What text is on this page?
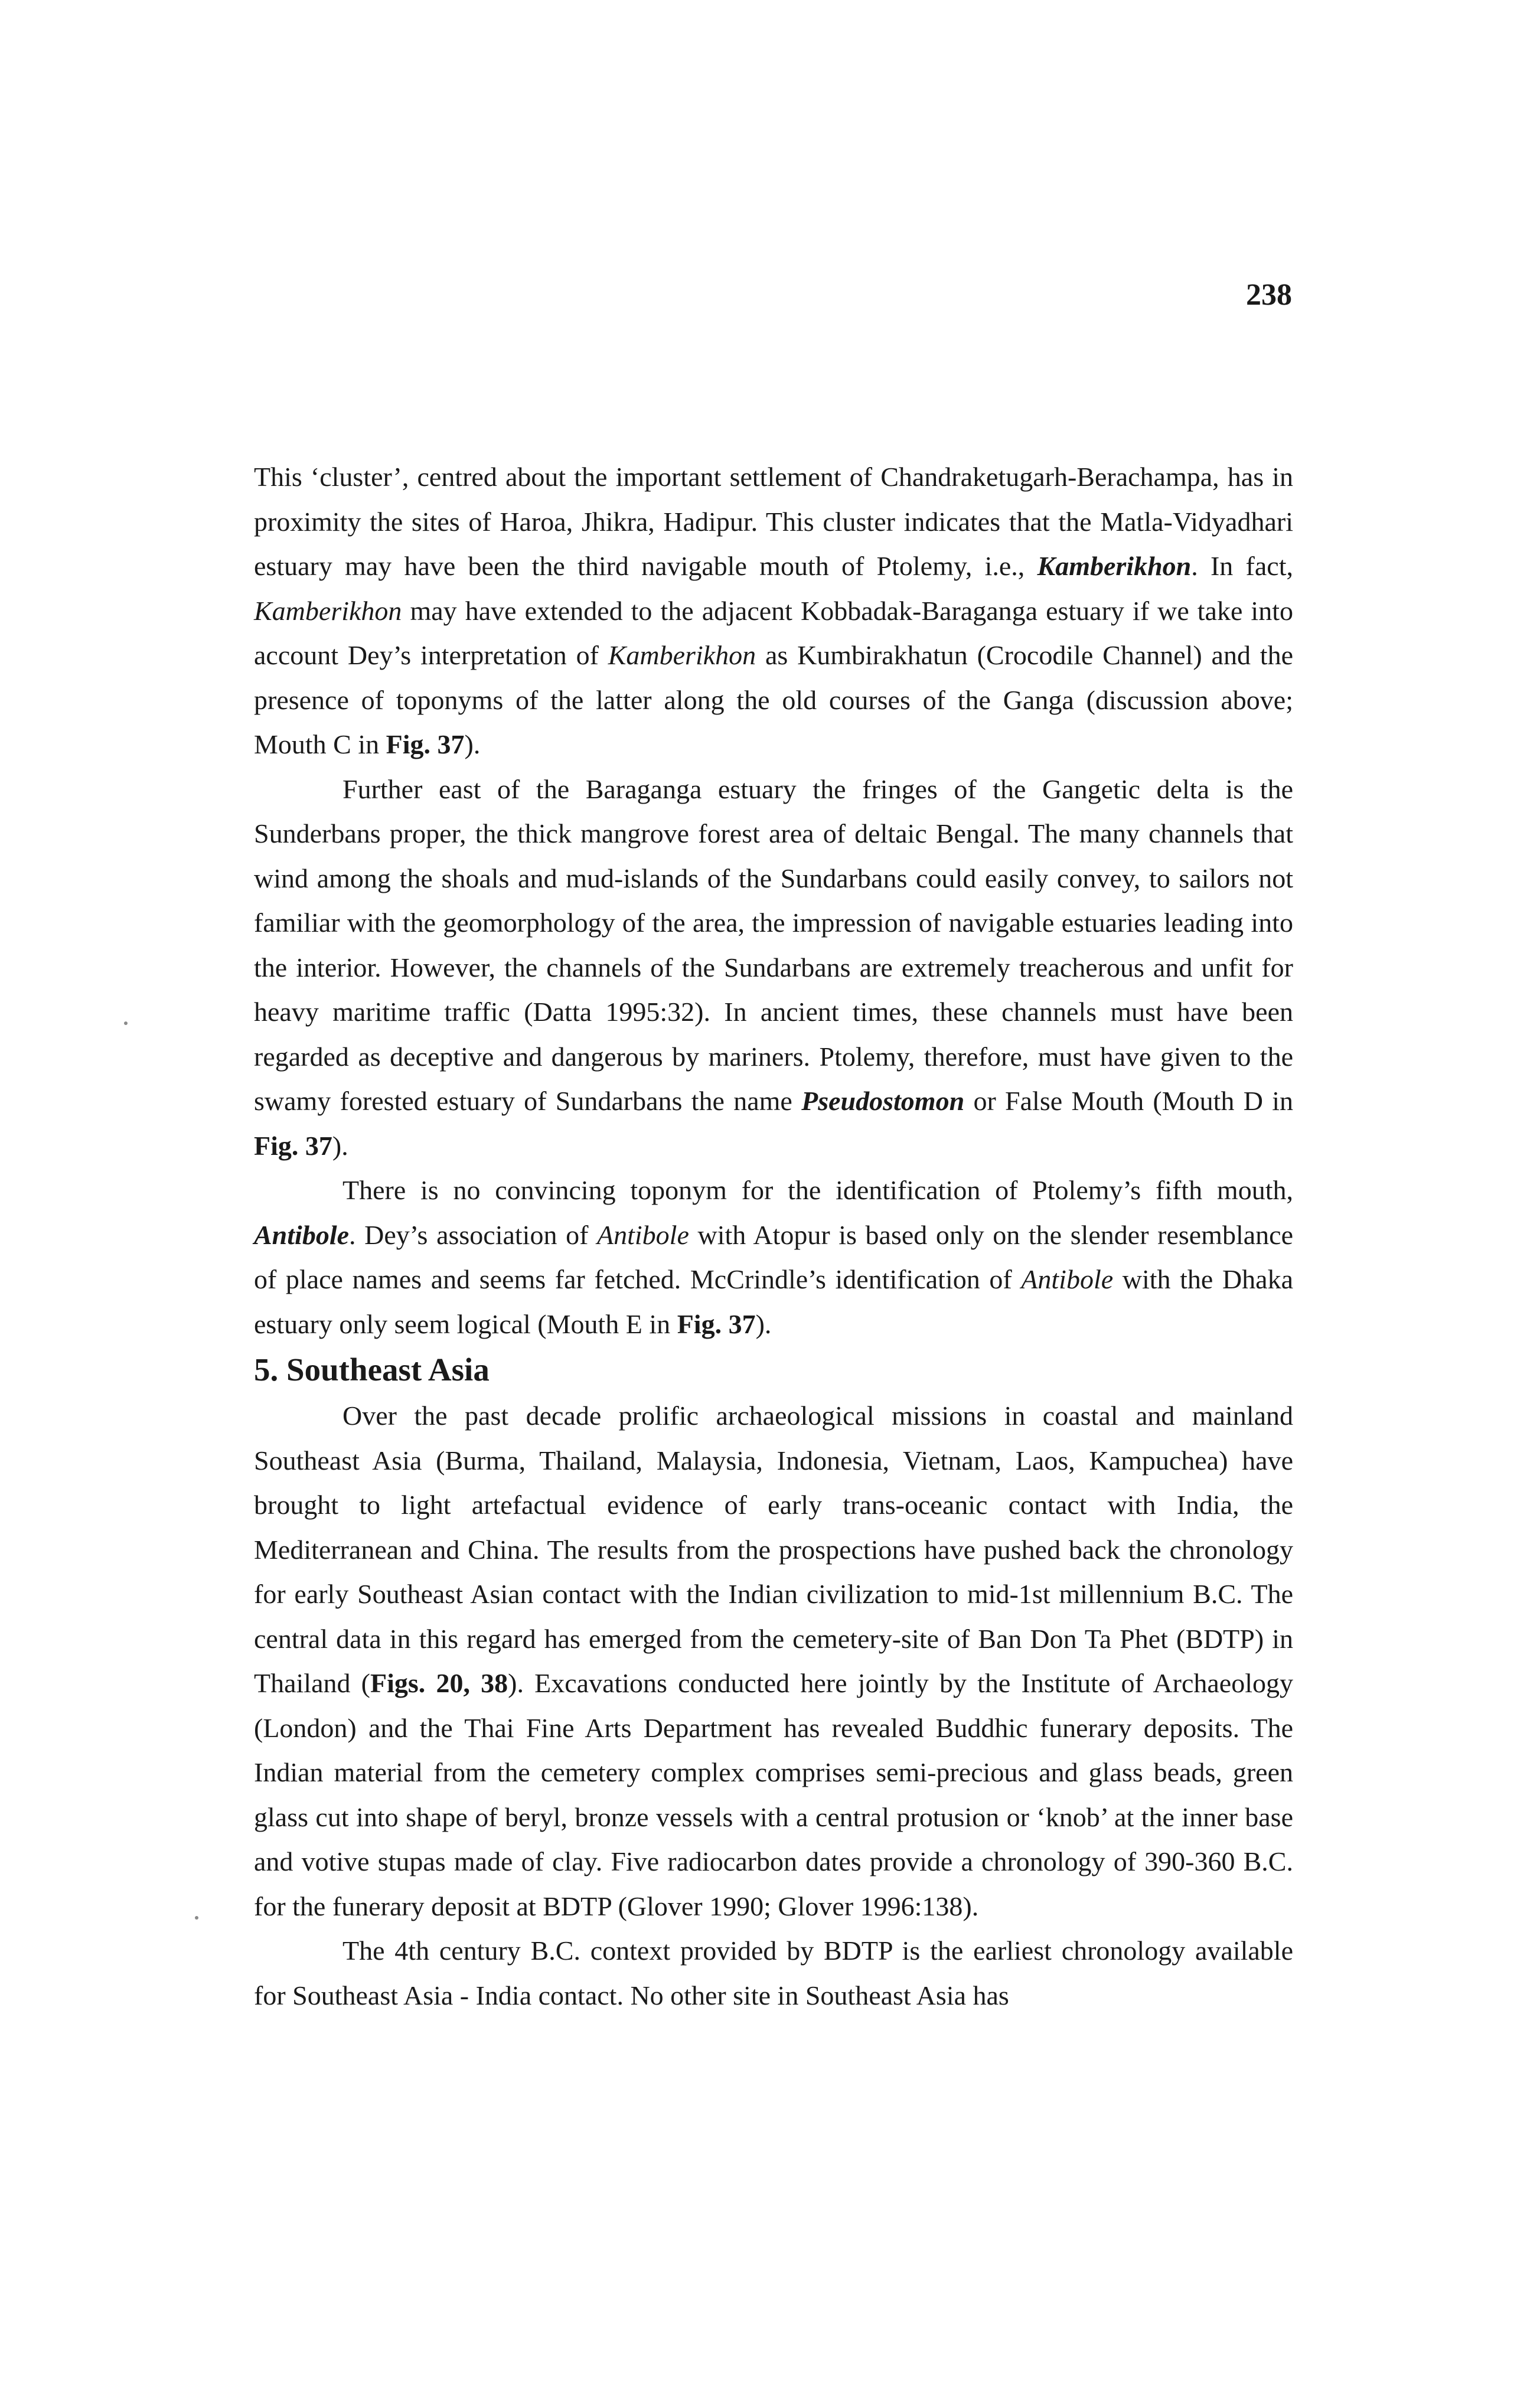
238

This ‘cluster’, centred about the important settlement of Chandraketugarh-Berachampa, has in proximity the sites of Haroa, Jhikra, Hadipur. This cluster indicates that the Matla-Vidyadhari estuary may have been the third navigable mouth of Ptolemy, i.e., Kamberikhon. In fact, Kamberikhon may have extended to the adjacent Kobbadak-Baraganga estuary if we take into account Dey’s interpretation of Kamberikhon as Kumbirakhatun (Crocodile Channel) and the presence of toponyms of the latter along the old courses of the Ganga (discussion above; Mouth C in Fig. 37).

Further east of the Baraganga estuary the fringes of the Gangetic delta is the Sunderbans proper, the thick mangrove forest area of deltaic Bengal. The many channels that wind among the shoals and mud-islands of the Sundarbans could easily convey, to sailors not familiar with the geomorphology of the area, the impression of navigable estuaries leading into the interior. However, the channels of the Sundarbans are extremely treacherous and unfit for heavy maritime traffic (Datta 1995:32). In ancient times, these channels must have been regarded as deceptive and dangerous by mariners. Ptolemy, therefore, must have given to the swamy forested estuary of Sundarbans the name Pseudostomon or False Mouth (Mouth D in Fig. 37).

There is no convincing toponym for the identification of Ptolemy’s fifth mouth, Antibole. Dey’s association of Antibole with Atopur is based only on the slender resemblance of place names and seems far fetched. McCrindle’s identification of Antibole with the Dhaka estuary only seem logical (Mouth E in Fig. 37).

5. Southeast Asia

Over the past decade prolific archaeological missions in coastal and mainland Southeast Asia (Burma, Thailand, Malaysia, Indonesia, Vietnam, Laos, Kampuchea) have brought to light artefactual evidence of early trans-oceanic contact with India, the Mediterranean and China. The results from the prospections have pushed back the chronology for early Southeast Asian contact with the Indian civilization to mid-1st millennium B.C. The central data in this regard has emerged from the cemetery-site of Ban Don Ta Phet (BDTP) in Thailand (Figs. 20, 38). Excavations conducted here jointly by the Institute of Archaeology (London) and the Thai Fine Arts Department has revealed Buddhic funerary deposits. The Indian material from the cemetery complex comprises semi-precious and glass beads, green glass cut into shape of beryl, bronze vessels with a central protusion or ‘knob’ at the inner base and votive stupas made of clay. Five radiocarbon dates provide a chronology of 390-360 B.C. for the funerary deposit at BDTP (Glover 1990; Glover 1996:138).

The 4th century B.C. context provided by BDTP is the earliest chronology available for Southeast Asia - India contact. No other site in Southeast Asia has
